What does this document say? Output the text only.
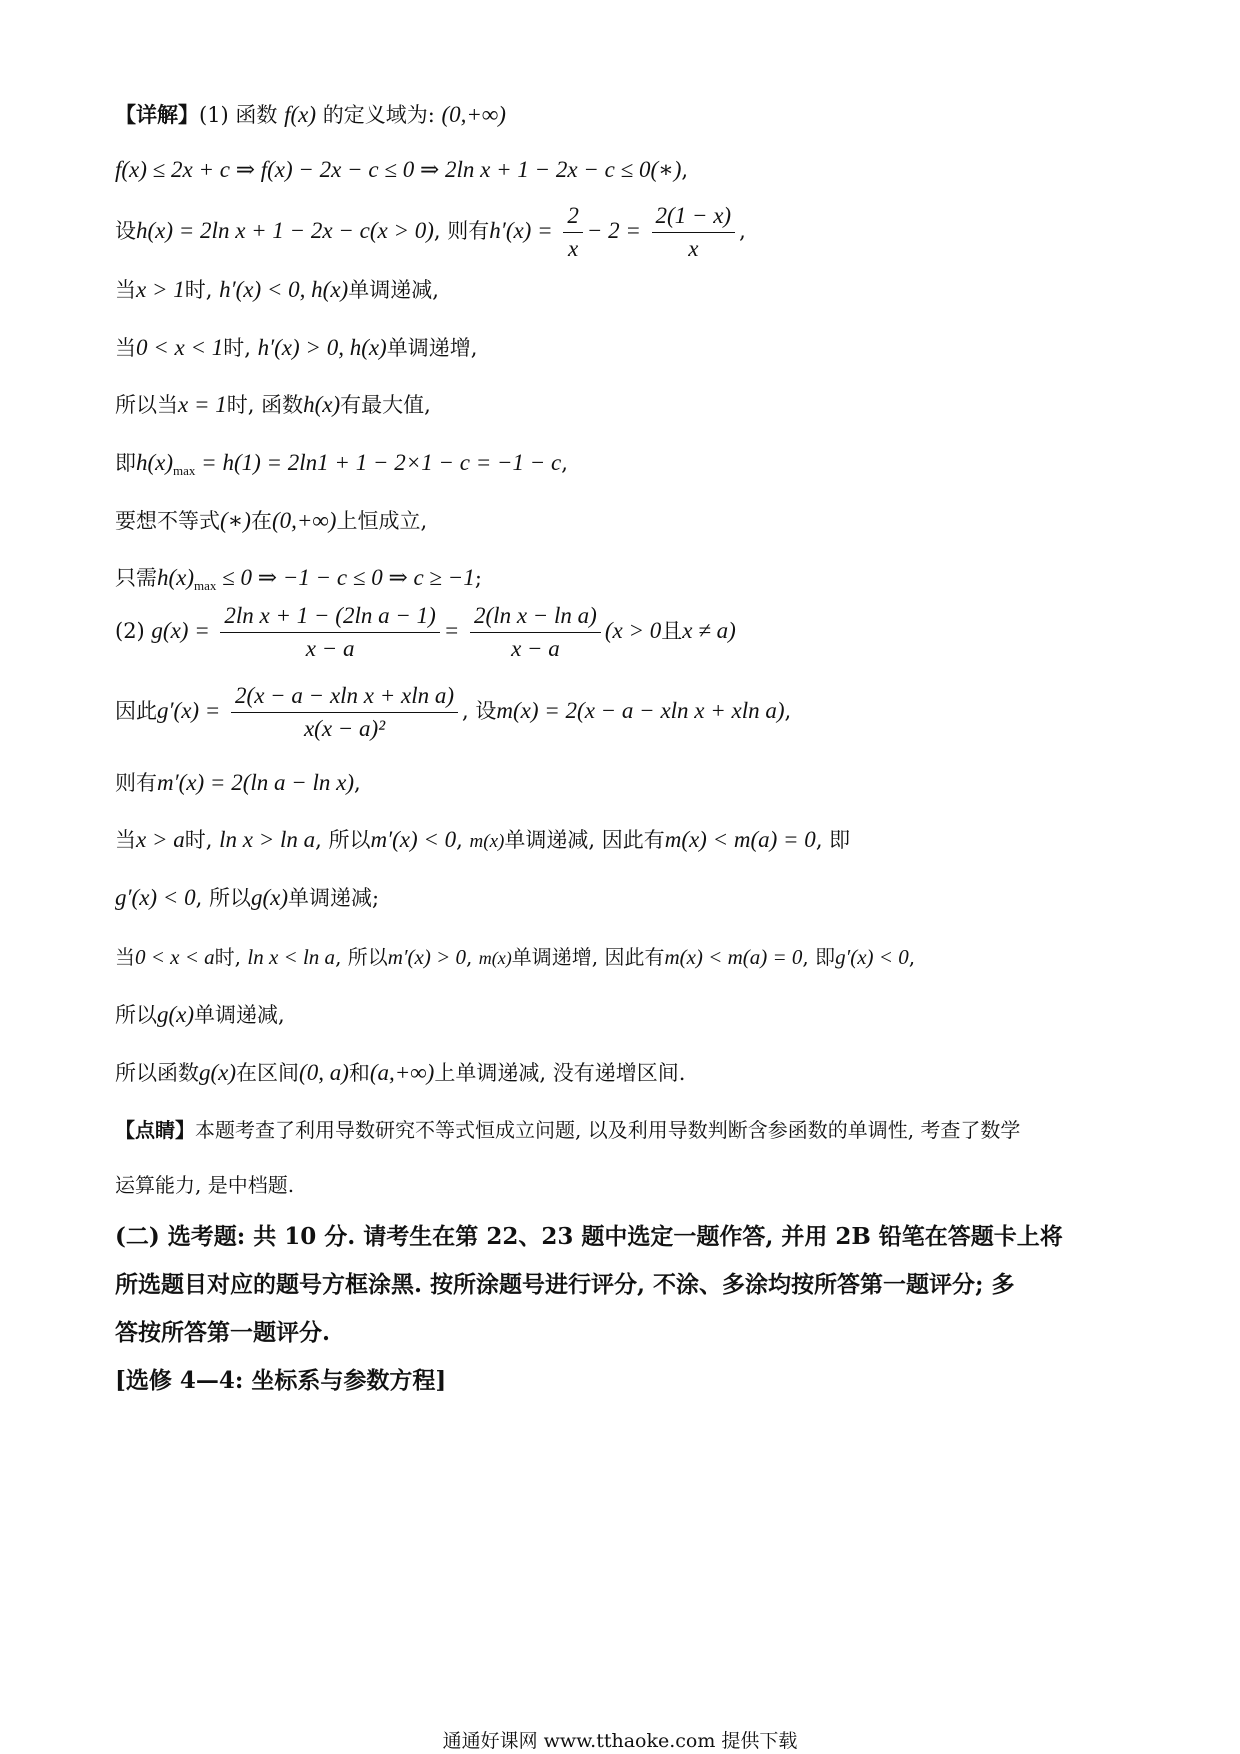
【详解】(1) 函数 f(x) 的定义域为: (0,+∞)
f(x) ≤ 2x + c ⇒ f(x) − 2x − c ≤ 0 ⇒ 2ln x + 1 − 2x − c ≤ 0(∗),
设h(x) = 2ln x + 1 − 2x − c(x > 0), 则有$h'(x) = \frac{2}{x} - 2 = \frac{2(1 - x)}{x}$ ,
当x > 1时, h′(x) < 0, h(x)单调递减,
当0 < x < 1时, h′(x) > 0, h(x)单调递增,
所以当x = 1时, 函数h(x)有最大值,
即$h(x)_{max} = h(1) = 2\ln 1 + 1 - 2\times 1 - c = -1 - c$,
要想不等式(∗)在(0,+∞)上恒成立,
只需$h(x)_{max} \le 0$ ⇒ −1 − c ≤ 0 ⇒ c ≥ −1;
(2) $g(x) = \frac{\text{2ln x + 1 − (2ln a − 1)}}{x - a} = \frac{\text{2(ln x − ln a)}}{x - a} (x > 0$且x ≠ a)
因此$g'(x) = \frac{\text{2(x − a − xln x + xln a)}}{\text{x(x − a)²}}$ , 设m(x) = 2(x − a − xln x + xln a),
则有m′(x) = 2(ln a − ln x),
当x > a时, ln x > ln a, 所以m′(x) < 0, m(x)单调递减, 因此有m(x) < m(a) = 0, 即
g′(x) < 0, 所以g(x)单调递减;
当0 < x < a时, ln x < ln a, 所以m′(x) > 0, m(x)单调递增, 因此有m(x) < m(a) = 0, 即g′(x) < 0,
所以g(x)单调递减,
所以函数g(x)在区间(0, a)和(a,+∞)上单调递减, 没有递增区间.
【点睛】本题考查了利用导数研究不等式恒成立问题, 以及利用导数判断含参函数的单调性, 考查了数学
运算能力, 是中档题.
(二) 选考题: 共 10 分. 请考生在第 22、23 题中选定一题作答, 并用 2B 铅笔在答题卡上将
所选题目对应的题号方框涂黑. 按所涂题号进行评分, 不涂、多涂均按所答第一题评分; 多
答按所答第一题评分.
[选修 4—4: 坐标系与参数方程]
通通好课网 www.tthaoke.com 提供下载
